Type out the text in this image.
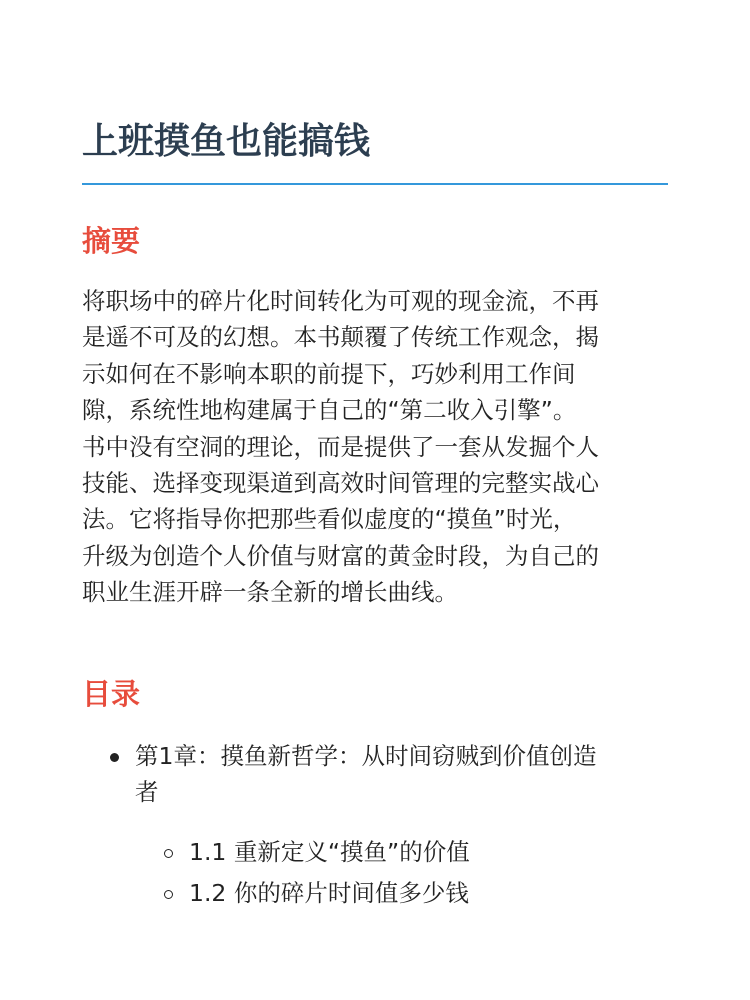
上班摸鱼也能搞钱
摘要

将职场中的碎片化时间转化为可观的现金流，不再
是遥不可及的幻想。本书颠覆了传统工作观念，揭
示如何在不影响本职的前提下，巧妙利用工作间
隙，系统性地构建属于自己的“第二收入引擎”。
书中没有空洞的理论，而是提供了一套从发掘个人
技能、选择变现渠道到高效时间管理的完整实战心
法。它将指导你把那些看似虚度的“摸鱼”时光，
升级为创造个人价值与财富的黄金时段，为自己的
职业生涯开辟一条全新的增长曲线。

目录
第1章：摸鱼新哲学：从时间窃贼到价值创造
者
1.1 重新定义“摸鱼”的价值
1.2 你的碎片时间值多少钱
